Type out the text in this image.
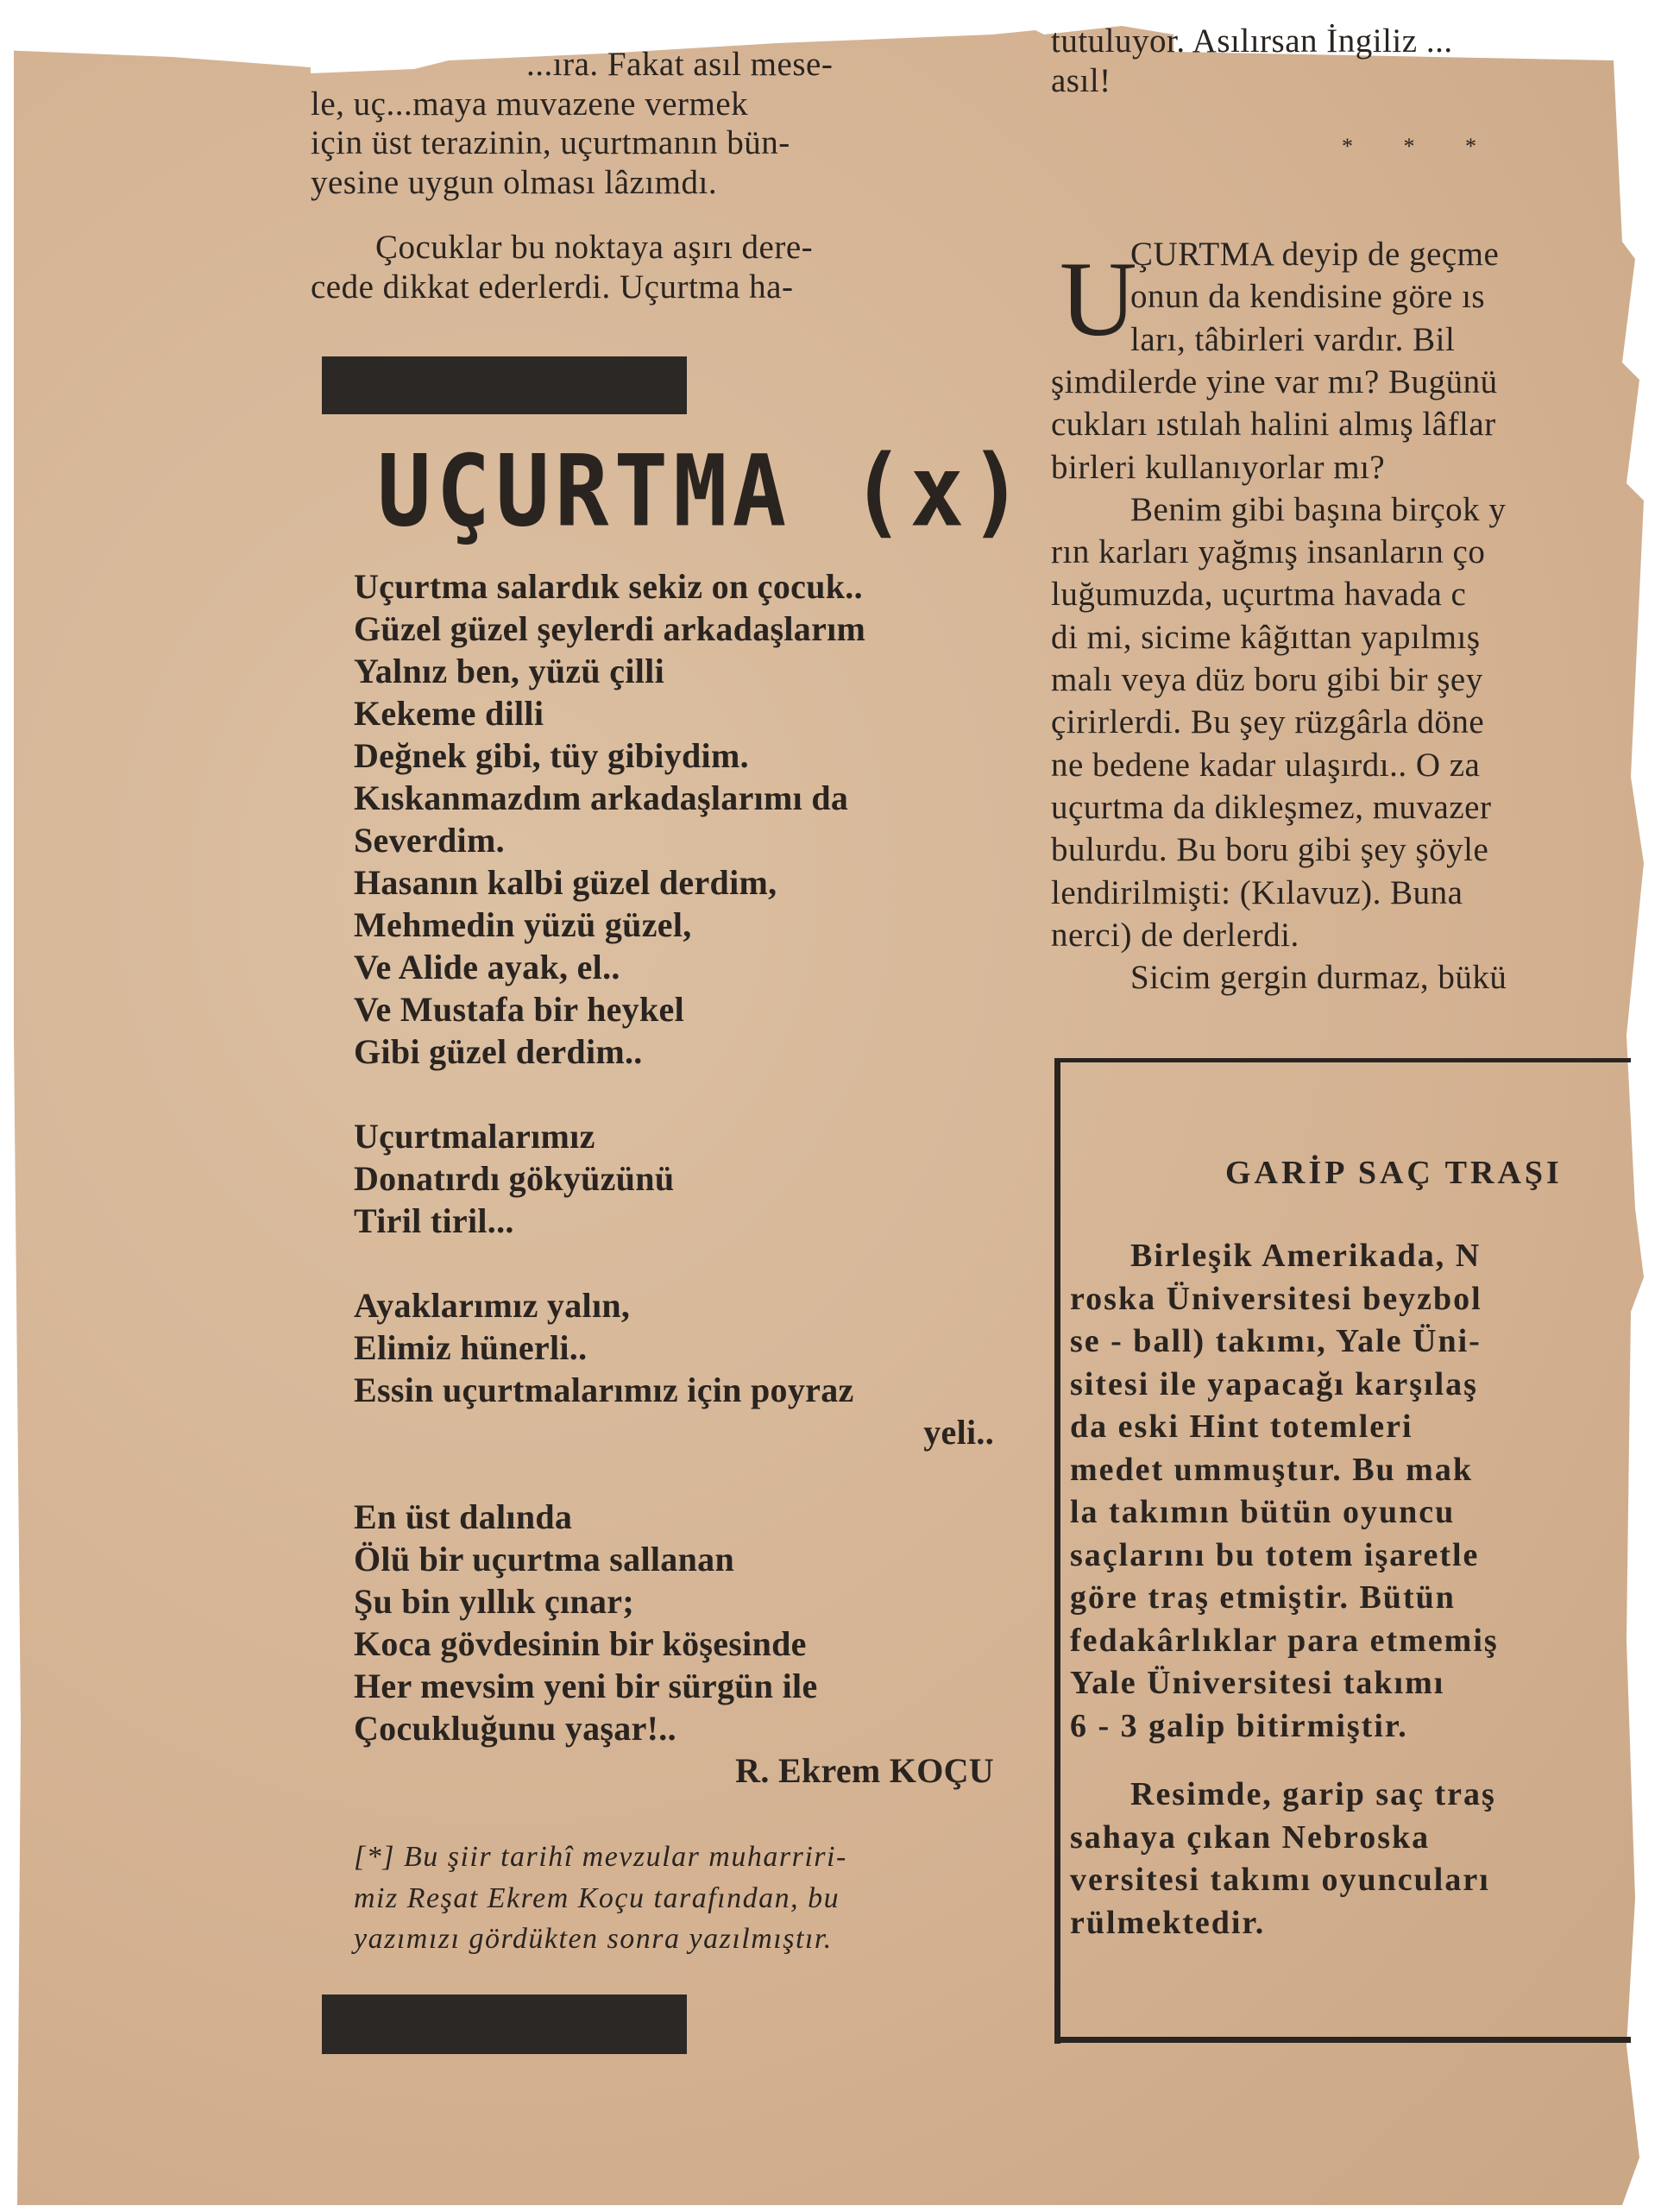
...ıra. Fakat asıl mese-
le, uç...maya muvazene vermek
için üst terazinin, uçurtmanın bün-
yesine uygun olması lâzımdı.
Çocuklar bu noktaya aşırı dere-
cede dikkat ederlerdi. Uçurtma ha-
UÇURTMA (x)
Uçurtma salardık sekiz on çocuk..
Güzel güzel şeylerdi arkadaşlarım
Yalnız ben, yüzü çilli
Kekeme dilli
Değnek gibi, tüy gibiydim.
Kıskanmazdım arkadaşlarımı da
Severdim.
Hasanın kalbi güzel derdim,
Mehmedin yüzü güzel,
Ve Alide ayak, el..
Ve Mustafa bir heykel
Gibi güzel derdim..
Uçurtmalarımız
Donatırdı gökyüzünü
Tiril tiril...
Ayaklarımız yalın,
Elimiz hünerli..
Essin uçurtmalarımız için poyraz
yeli..
En üst dalında
Ölü bir uçurtma sallanan
Şu bin yıllık çınar;
Koca gövdesinin bir köşesinde
Her mevsim yeni bir sürgün ile
Çocukluğunu yaşar!..
R. Ekrem KOÇU
[*] Bu şiir tarihî mevzular muharriri-
miz Reşat Ekrem Koçu tarafından, bu
yazımızı gördükten sonra yazılmıştır.
tutuluyor. Asılırsan İngiliz ...
asıl!
* * *
U
ÇURTMA deyip de geçme
onun da kendisine göre ıs
ları, tâbirleri vardır. Bil
şimdilerde yine var mı? Bugünü
cukları ıstılah halini almış lâflar
birleri kullanıyorlar mı?
Benim gibi başına birçok y
rın karları yağmış insanların ço
luğumuzda, uçurtma havada c
di mi, sicime kâğıttan yapılmış
malı veya düz boru gibi bir şey
çirirlerdi. Bu şey rüzgârla döne
ne bedene kadar ulaşırdı.. O za
uçurtma da dikleşmez, muvazer
bulurdu. Bu boru gibi şey şöyle
lendirilmişti: (Kılavuz). Buna
nerci) de derlerdi.
Sicim gergin durmaz, bükü
Birleşik Amerikada, N
roska Üniversitesi beyzbol
se - ball) takımı, Yale Üni-
sitesi ile yapacağı karşılaş
da eski Hint totemleri
medet ummuştur. Bu mak
la takımın bütün oyuncu
saçlarını bu totem işaretle
göre traş etmiştir. Bütün
fedakârlıklar para etmemiş
Yale Üniversitesi takımı
6 - 3 galip bitirmiştir.
Resimde, garip saç traş
sahaya çıkan Nebroska
versitesi takımı oyuncuları
rülmektedir.
GARİP SAÇ TRAŞI
